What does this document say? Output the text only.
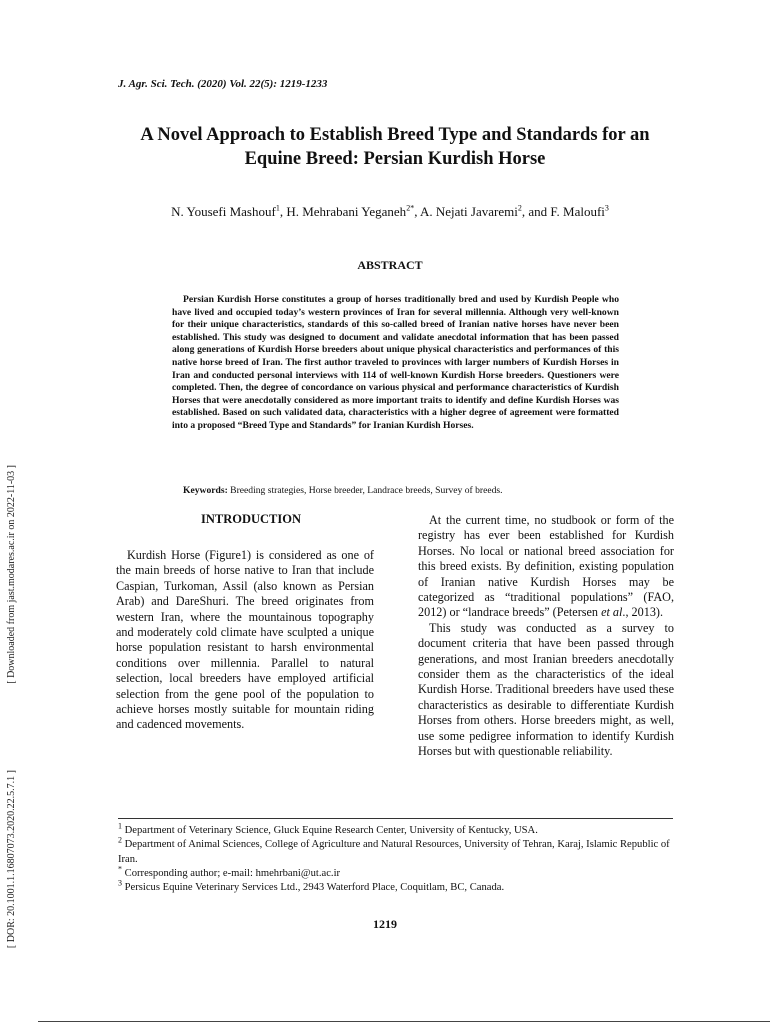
[ Downloaded from jast.modares.ac.ir on 2022-11-03 ]
[ DOR: 20.1001.1.16807073.2020.22.5.7.1 ]
J. Agr. Sci. Tech. (2020) Vol. 22(5): 1219-1233
A Novel Approach to Establish Breed Type and Standards for an Equine Breed: Persian Kurdish Horse
N. Yousefi Mashouf$^1$, H. Mehrabani Yeganeh$^{2*}$, A. Nejati Javaremi$^2$, and F. Maloufi$^3$
ABSTRACT

Persian Kurdish Horse constitutes a group of horses traditionally bred and used by Kurdish People who have lived and occupied today’s western provinces of Iran for several millennia. Although very well-known for their unique characteristics, standards of this so-called breed of Iranian native horses have never been established. This study was designed to document and validate anecdotal information that has been passed along generations of Kurdish Horse breeders about unique physical characteristics and performances of this native horse breed of Iran. The first author traveled to provinces with larger numbers of Kurdish Horses in Iran and conducted personal interviews with 114 of well-known Kurdish Horse breeders. Questioners were completed. Then, the degree of concordance on various physical and performance characteristics of Kurdish Horses that were anecdotally considered as more important traits to identify and define Kurdish Horses was established. Based on such validated data, characteristics with a higher degree of agreement were formatted into a proposed “Breed Type and Standards” for Iranian Kurdish Horses.

Keywords: Breeding strategies, Horse breeder, Landrace breeds, Survey of breeds.
INTRODUCTION

Kurdish Horse (Figure1) is considered as one of the main breeds of horse native to Iran that include Caspian, Turkoman, Assil (also known as Persian Arab) and DareShuri. The breed originates from western Iran, where the mountainous topography and moderately cold climate have sculpted a unique horse population resistant to harsh environmental conditions over millennia. Parallel to natural selection, local breeders have employed artificial selection from the gene pool of the population to achieve horses mostly suitable for mountain riding and cadenced movements.

At the current time, no studbook or form of the registry has ever been established for Kurdish Horses. No local or national breed association for this breed exists. By definition, existing population of Iranian native Kurdish Horses may be categorized as “traditional populations” (FAO, 2012) or “landrace breeds” (Petersen et al., 2013).

This study was conducted as a survey to document criteria that have been passed through generations, and most Iranian breeders anecdotally consider them as the characteristics of the ideal Kurdish Horse. Traditional breeders have used these characteristics as desirable to differentiate Kurdish Horses from others. Horse breeders might, as well, use some pedigree information to identify Kurdish Horses but with questionable reliability.

$^1$ Department of Veterinary Science, Gluck Equine Research Center, University of Kentucky, USA.
$^2$ Department of Animal Sciences, College of Agriculture and Natural Resources, University of Tehran, Karaj, Islamic Republic of Iran.
* Corresponding author; e-mail: hmehrbani@ut.ac.ir
$^3$ Persicus Equine Veterinary Services Ltd., 2943 Waterford Place, Coquitlam, BC, Canada.
1219
